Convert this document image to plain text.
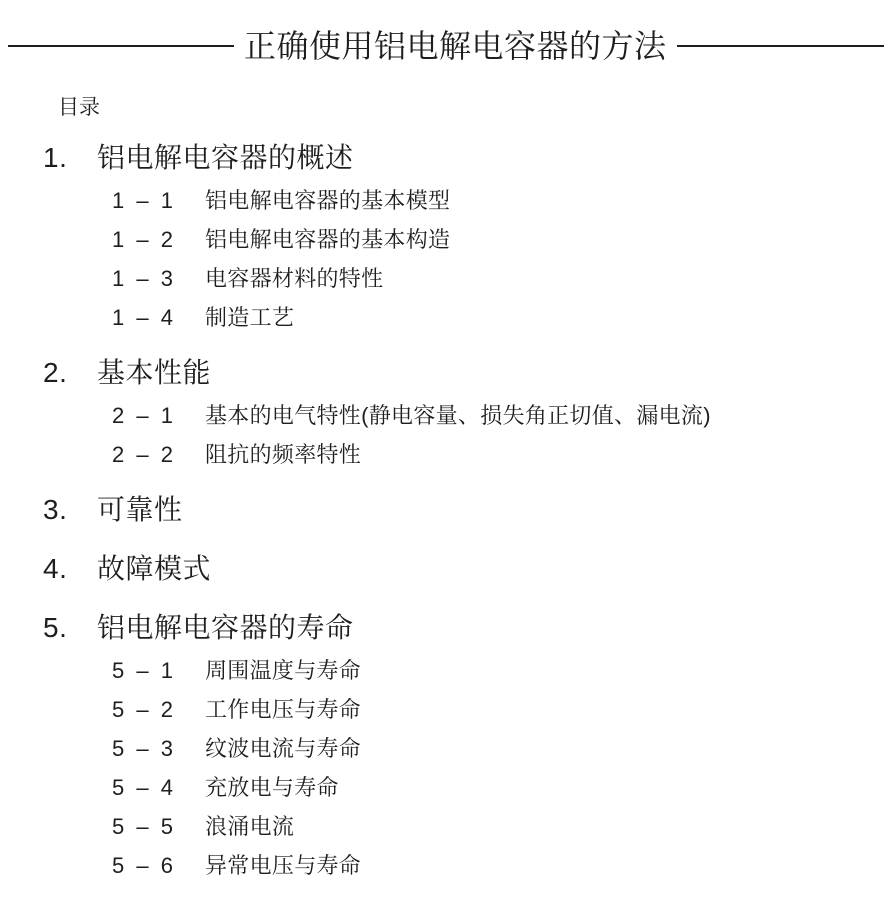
正确使用铝电解电容器的方法
目录
1.	铝电解电容器的概述
1 – 1	铝电解电容器的基本模型
1 – 2	铝电解电容器的基本构造
1 – 3	电容器材料的特性
1 – 4	制造工艺
2.	基本性能
2 – 1	基本的电气特性(静电容量、损失角正切值、漏电流)
2 – 2	阻抗的频率特性
3.	可靠性
4.	故障模式
5.	铝电解电容器的寿命
5 – 1	周围温度与寿命
5 – 2	工作电压与寿命
5 – 3	纹波电流与寿命
5 – 4	充放电与寿命
5 – 5	浪涌电流
5 – 6	异常电压与寿命
